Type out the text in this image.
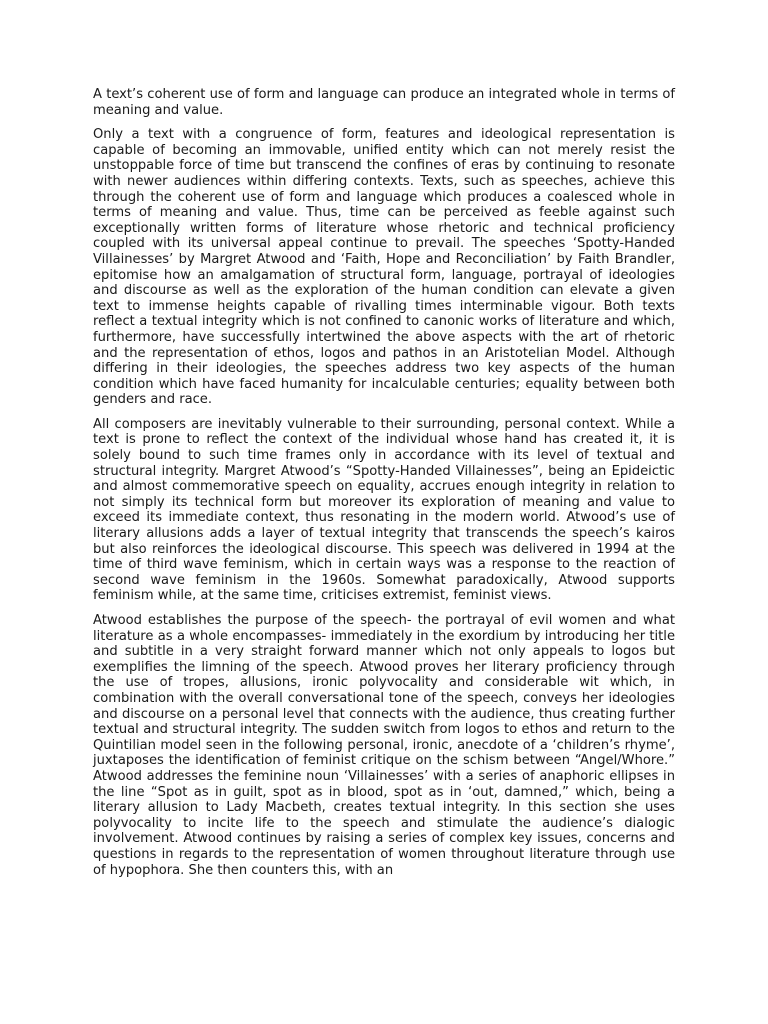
A text’s coherent use of form and language can produce an integrated whole in terms of meaning and value.

Only a text with a congruence of form, features and ideological representation is capable of becoming an immovable, unified entity which can not merely resist the unstoppable force of time but transcend the confines of eras by continuing to resonate with newer audiences within differing contexts. Texts, such as speeches, achieve this through the coherent use of form and language which produces a coalesced whole in terms of meaning and value. Thus, time can be perceived as feeble against such exceptionally written forms of literature whose rhetoric and technical proficiency coupled with its universal appeal continue to prevail. The speeches ‘Spotty-Handed Villainesses’ by Margret Atwood and ‘Faith, Hope and Reconciliation’ by Faith Brandler, epitomise how an amalgamation of structural form, language, portrayal of ideologies and discourse as well as the exploration of the human condition can elevate a given text to immense heights capable of rivalling times interminable vigour. Both texts reflect a textual integrity which is not confined to canonic works of literature and which, furthermore, have successfully intertwined the above aspects with the art of rhetoric and the representation of ethos, logos and pathos in an Aristotelian Model. Although differing in their ideologies, the speeches address two key aspects of the human condition which have faced humanity for incalculable centuries; equality between both genders and race.

All composers are inevitably vulnerable to their surrounding, personal context. While a text is prone to reflect the context of the individual whose hand has created it, it is solely bound to such time frames only in accordance with its level of textual and structural integrity. Margret Atwood’s “Spotty-Handed Villainesses”, being an Epideictic and almost commemorative speech on equality, accrues enough integrity in relation to not simply its technical form but moreover its exploration of meaning and value to exceed its immediate context, thus resonating in the modern world. Atwood’s use of literary allusions adds a layer of textual integrity that transcends the speech’s kairos but also reinforces the ideological discourse. This speech was delivered in 1994 at the time of third wave feminism, which in certain ways was a response to the reaction of second wave feminism in the 1960s. Somewhat paradoxically, Atwood supports feminism while, at the same time, criticises extremist, feminist views.

Atwood establishes the purpose of the speech- the portrayal of evil women and what literature as a whole encompasses- immediately in the exordium by introducing her title and subtitle in a very straight forward manner which not only appeals to logos but exemplifies the limning of the speech. Atwood proves her literary proficiency through the use of tropes, allusions, ironic polyvocality and considerable wit which, in combination with the overall conversational tone of the speech, conveys her ideologies and discourse on a personal level that connects with the audience, thus creating further textual and structural integrity. The sudden switch from logos to ethos and return to the Quintilian model seen in the following personal, ironic, anecdote of a ‘children’s rhyme’, juxtaposes the identification of feminist critique on the schism between “Angel/Whore.” Atwood addresses the feminine noun ‘Villainesses’ with a series of anaphoric ellipses in the line “Spot as in guilt, spot as in blood, spot as in ‘out, damned,” which, being a literary allusion to Lady Macbeth, creates textual integrity. In this section she uses polyvocality to incite life to the speech and stimulate the audience’s dialogic involvement. Atwood continues by raising a series of complex key issues, concerns and questions in regards to the representation of women throughout literature through use of hypophora. She then counters this, with an
